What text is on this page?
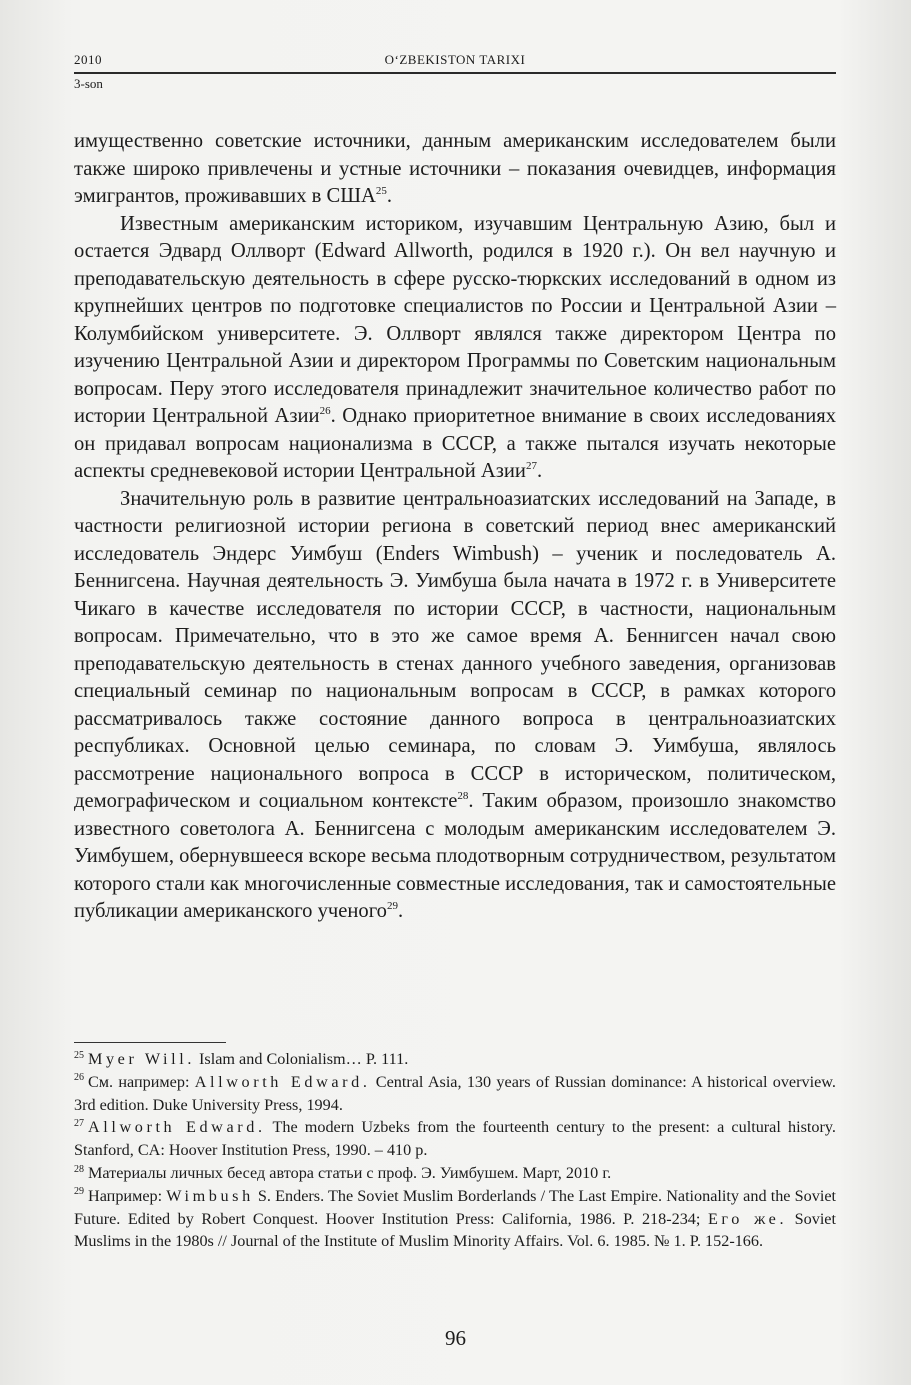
2010	O‘ZBEKISTON TARIXI
3-son

имущественно советские источники, данным американским исследователем были также широко привлечены и устные источники – показания очевидцев, информация эмигрантов, проживавших в США$^{25}$.

Известным американским историком, изучавшим Центральную Азию, был и остается Эдвард Оллворт (Edward Allworth, родился в 1920 г.). Он вел научную и преподавательскую деятельность в сфере русско-тюркских исследований в одном из крупнейших центров по подготовке специалистов по России и Центральной Азии – Колумбийском университете. Э. Оллворт являлся также директором Центра по изучению Центральной Азии и директором Программы по Советским национальным вопросам. Перу этого исследователя принадлежит значительное количество работ по истории Центральной Азии$^{26}$. Однако приоритетное внимание в своих исследованиях он придавал вопросам национализма в СССР, а также пытался изучать некоторые аспекты средневековой истории Центральной Азии$^{27}$.

Значительную роль в развитие центральноазиатских исследований на Западе, в частности религиозной истории региона в советский период внес американский исследователь Эндерс Уимбуш (Enders Wimbush) – ученик и последователь А. Беннигсена. Научная деятельность Э. Уимбуша была начата в 1972 г. в Университете Чикаго в качестве исследователя по истории СССР, в частности, национальным вопросам. Примечательно, что в это же самое время А. Беннигсен начал свою преподавательскую деятельность в стенах данного учебного заведения, организовав специальный семинар по национальным вопросам в СССР, в рамках которого рассматривалось также состояние данного вопроса в центральноазиатских республиках. Основной целью семинара, по словам Э. Уимбуша, являлось рассмотрение национального вопроса в СССР в историческом, политическом, демографическом и социальном контексте$^{28}$. Таким образом, произошло знакомство известного советолога А. Беннигсена с молодым американским исследователем Э. Уимбушем, обернувшееся вскоре весьма плодотворным сотрудничеством, результатом которого стали как многочисленные совместные исследования, так и самостоятельные публикации американского ученого$^{29}$.

$^{25}$ Myer Will. Islam and Colonialism… P. 111.

$^{26}$ См. например: Allworth Edward. Central Asia, 130 years of Russian dominance: A historical overview. 3rd edition. Duke University Press, 1994.

$^{27}$ Allworth Edward. The modern Uzbeks from the fourteenth century to the present: a cultural history. Stanford, CA: Hoover Institution Press, 1990. – 410 p.

$^{28}$ Материалы личных бесед автора статьи с проф. Э. Уимбушем. Март, 2010 г.

$^{29}$ Например: Wimbush S. Enders. The Soviet Muslim Borderlands / The Last Empire. Nationality and the Soviet Future. Edited by Robert Conquest. Hoover Institution Press: California, 1986. P. 218-234; Его же. Soviet Muslims in the 1980s // Journal of the Institute of Muslim Minority Affairs. Vol. 6. 1985. № 1. P. 152-166.

96
